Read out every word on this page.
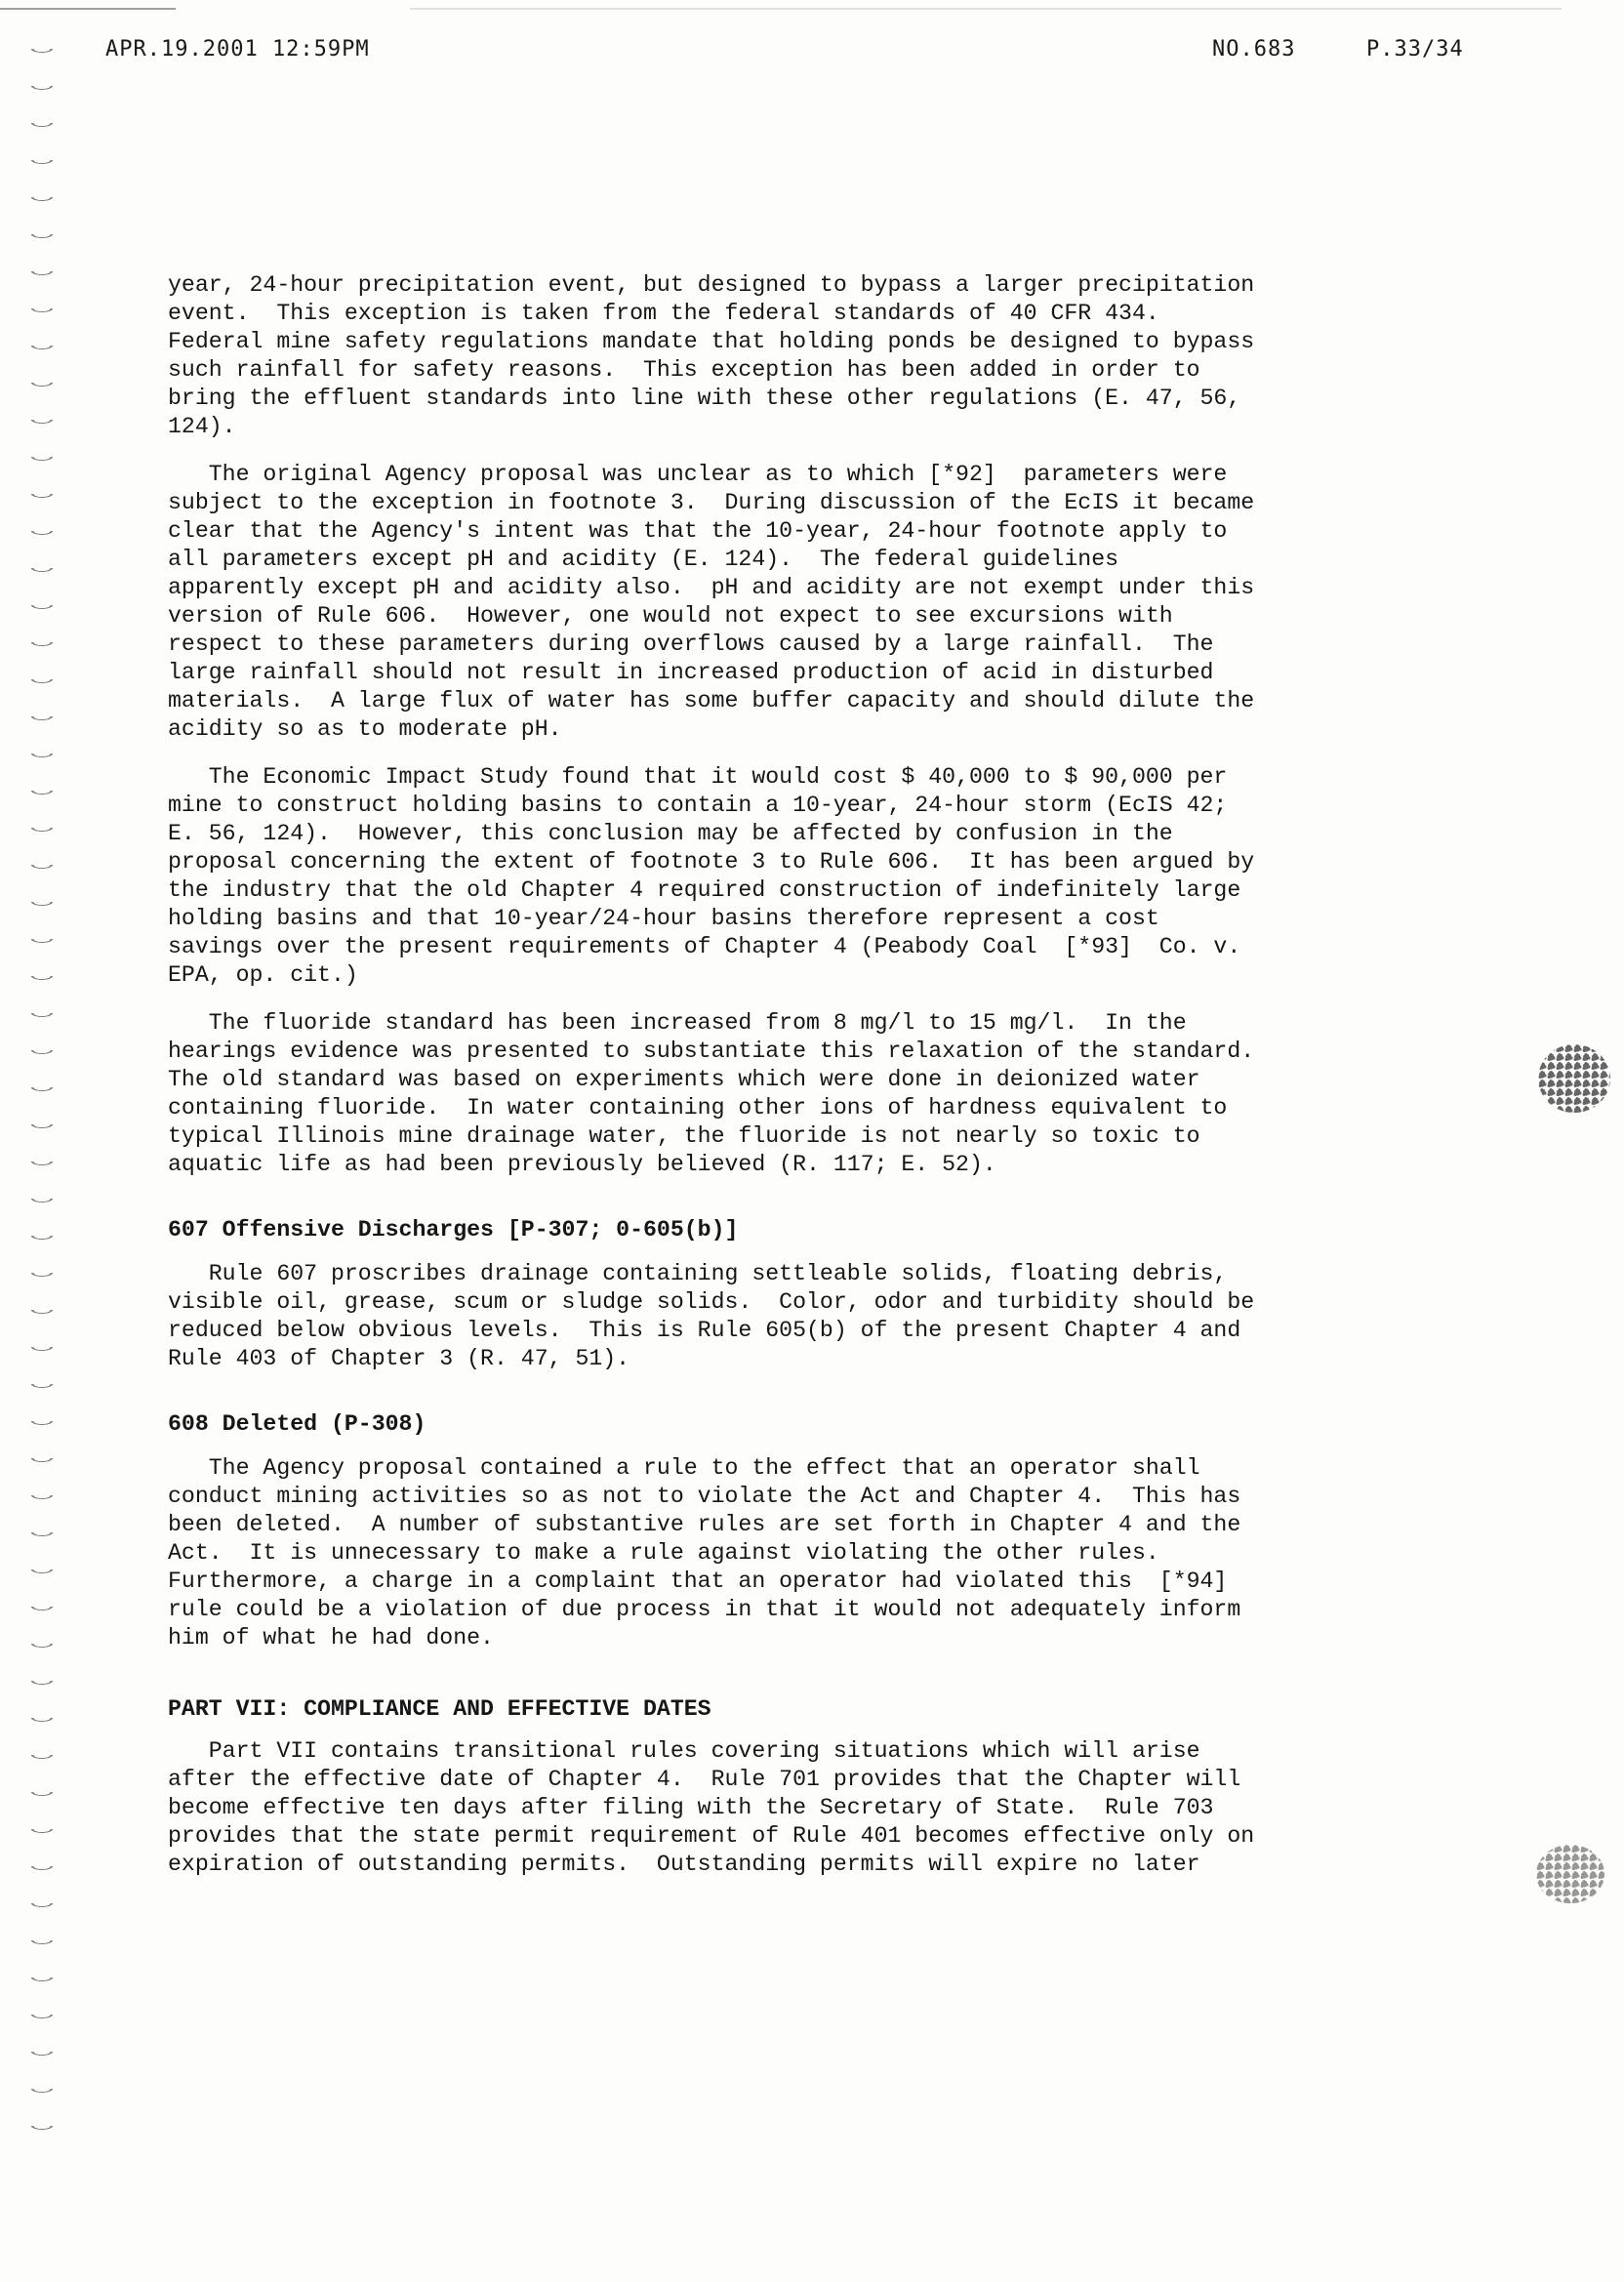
APR.19.2001 12:59PM	NO.683	P.33/34

year, 24-hour precipitation event, but designed to bypass a larger precipitation
event.  This exception is taken from the federal standards of 40 CFR 434.
Federal mine safety regulations mandate that holding ponds be designed to bypass
such rainfall for safety reasons.  This exception has been added in order to
bring the effluent standards into line with these other regulations (E. 47, 56,
124).

The original Agency proposal was unclear as to which [*92]  parameters were
subject to the exception in footnote 3.  During discussion of the EcIS it became
clear that the Agency's intent was that the 10-year, 24-hour footnote apply to
all parameters except pH and acidity (E. 124).  The federal guidelines
apparently except pH and acidity also.  pH and acidity are not exempt under this
version of Rule 606.  However, one would not expect to see excursions with
respect to these parameters during overflows caused by a large rainfall.  The
large rainfall should not result in increased production of acid in disturbed
materials.  A large flux of water has some buffer capacity and should dilute the
acidity so as to moderate pH.

The Economic Impact Study found that it would cost $ 40,000 to $ 90,000 per
mine to construct holding basins to contain a 10-year, 24-hour storm (EcIS 42;
E. 56, 124).  However, this conclusion may be affected by confusion in the
proposal concerning the extent of footnote 3 to Rule 606.  It has been argued by
the industry that the old Chapter 4 required construction of indefinitely large
holding basins and that 10-year/24-hour basins therefore represent a cost
savings over the present requirements of Chapter 4 (Peabody Coal  [*93]  Co. v.
EPA, op. cit.)

The fluoride standard has been increased from 8 mg/l to 15 mg/l.  In the
hearings evidence was presented to substantiate this relaxation of the standard.
The old standard was based on experiments which were done in deionized water
containing fluoride.  In water containing other ions of hardness equivalent to
typical Illinois mine drainage water, the fluoride is not nearly so toxic to
aquatic life as had been previously believed (R. 117; E. 52).

607 Offensive Discharges [P-307; 0-605(b)]

Rule 607 proscribes drainage containing settleable solids, floating debris,
visible oil, grease, scum or sludge solids.  Color, odor and turbidity should be
reduced below obvious levels.  This is Rule 605(b) of the present Chapter 4 and
Rule 403 of Chapter 3 (R. 47, 51).

608 Deleted (P-308)

The Agency proposal contained a rule to the effect that an operator shall
conduct mining activities so as not to violate the Act and Chapter 4.  This has
been deleted.  A number of substantive rules are set forth in Chapter 4 and the
Act.  It is unnecessary to make a rule against violating the other rules.
Furthermore, a charge in a complaint that an operator had violated this  [*94]
rule could be a violation of due process in that it would not adequately inform
him of what he had done.

PART VII: COMPLIANCE AND EFFECTIVE DATES

Part VII contains transitional rules covering situations which will arise
after the effective date of Chapter 4.  Rule 701 provides that the Chapter will
become effective ten days after filing with the Secretary of State.  Rule 703
provides that the state permit requirement of Rule 401 becomes effective only on
expiration of outstanding permits.  Outstanding permits will expire no later
